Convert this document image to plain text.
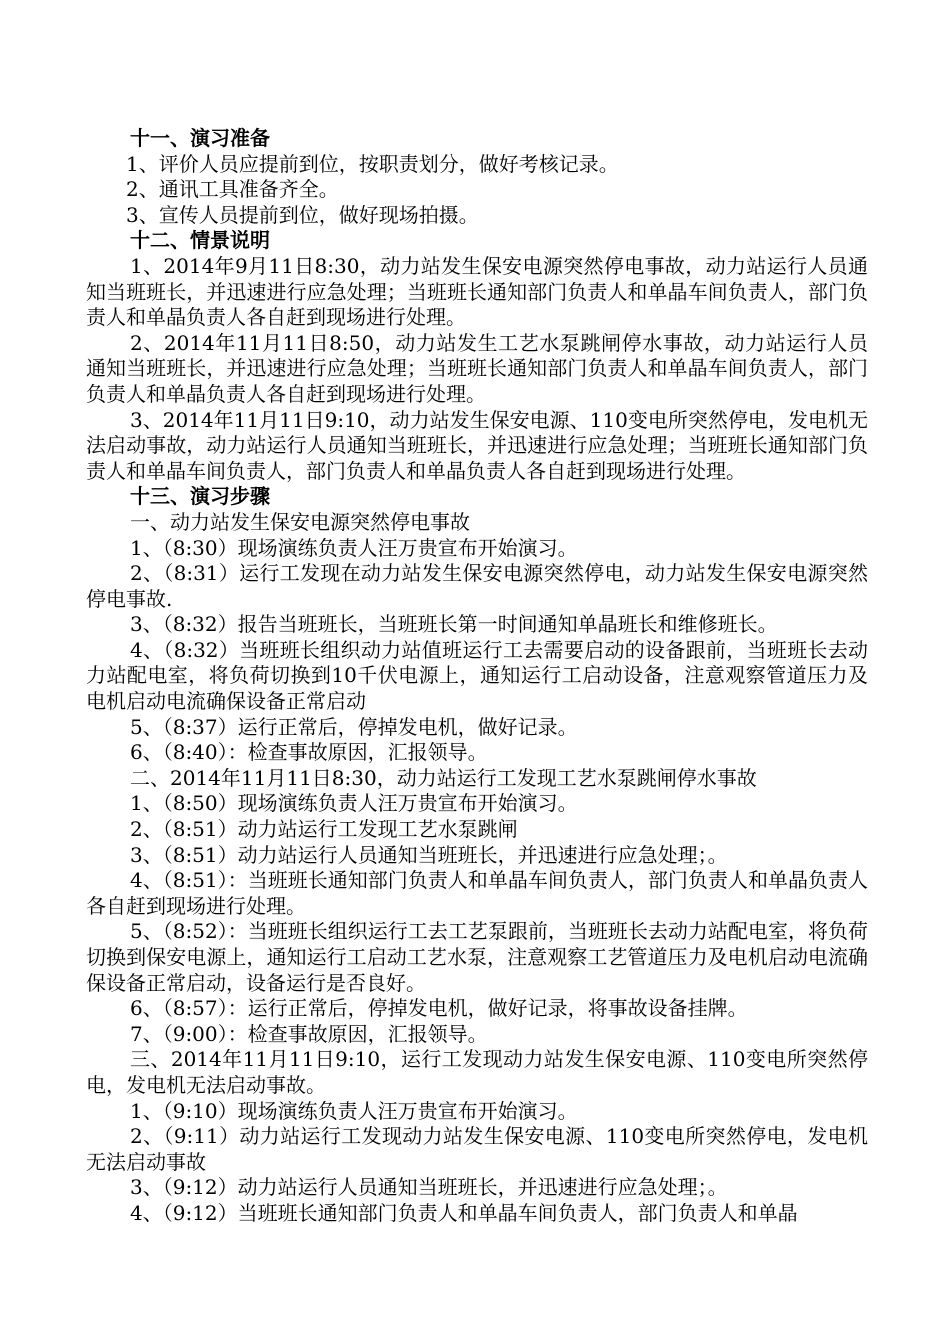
十一、演习准备

1、评价人员应提前到位，按职责划分，做好考核记录。

2、通讯工具准备齐全。

3、宣传人员提前到位，做好现场拍摄。

十二、情景说明

1、2014年9月11日8:30，动力站发生保安电源突然停电事故，动力站运行人员通知当班班长，并迅速进行应急处理；当班班长通知部门负责人和单晶车间负责人，部门负责人和单晶负责人各自赶到现场进行处理。

2、2014年11月11日8:50，动力站发生工艺水泵跳闸停水事故，动力站运行人员通知当班班长，并迅速进行应急处理；当班班长通知部门负责人和单晶车间负责人，部门负责人和单晶负责人各自赶到现场进行处理。

3、2014年11月11日9:10，动力站发生保安电源、110变电所突然停电，发电机无法启动事故，动力站运行人员通知当班班长，并迅速进行应急处理；当班班长通知部门负责人和单晶车间负责人，部门负责人和单晶负责人各自赶到现场进行处理。

十三、演习步骤

一、动力站发生保安电源突然停电事故

1、（8:30）现场演练负责人汪万贵宣布开始演习。

2、（8:31）运行工发现在动力站发生保安电源突然停电，动力站发生保安电源突然停电事故.

3、（8:32）报告当班班长，当班班长第一时间通知单晶班长和维修班长。

4、（8:32）当班班长组织动力站值班运行工去需要启动的设备跟前，当班班长去动力站配电室，将负荷切换到10千伏电源上，通知运行工启动设备，注意观察管道压力及电机启动电流确保设备正常启动

5、（8:37）运行正常后，停掉发电机，做好记录。

6、（8:40）：检查事故原因，汇报领导。

二、2014年11月11日8:30，动力站运行工发现工艺水泵跳闸停水事故

1、（8:50）现场演练负责人汪万贵宣布开始演习。

2、（8:51）动力站运行工发现工艺水泵跳闸

3、（8:51）动力站运行人员通知当班班长，并迅速进行应急处理；。

4、（8:51）：当班班长通知部门负责人和单晶车间负责人，部门负责人和单晶负责人各自赶到现场进行处理。

5、（8:52）：当班班长组织运行工去工艺泵跟前，当班班长去动力站配电室，将负荷切换到保安电源上，通知运行工启动工艺水泵，注意观察工艺管道压力及电机启动电流确保设备正常启动，设备运行是否良好。

6、（8:57）：运行正常后，停掉发电机，做好记录，将事故设备挂牌。

7、（9:00）：检查事故原因，汇报领导。

三、2014年11月11日9:10，运行工发现动力站发生保安电源、110变电所突然停电，发电机无法启动事故。

1、（9:10）现场演练负责人汪万贵宣布开始演习。

2、（9:11）动力站运行工发现动力站发生保安电源、110变电所突然停电，发电机无法启动事故

3、（9:12）动力站运行人员通知当班班长，并迅速进行应急处理；。

4、（9:12）当班班长通知部门负责人和单晶车间负责人，部门负责人和单晶
